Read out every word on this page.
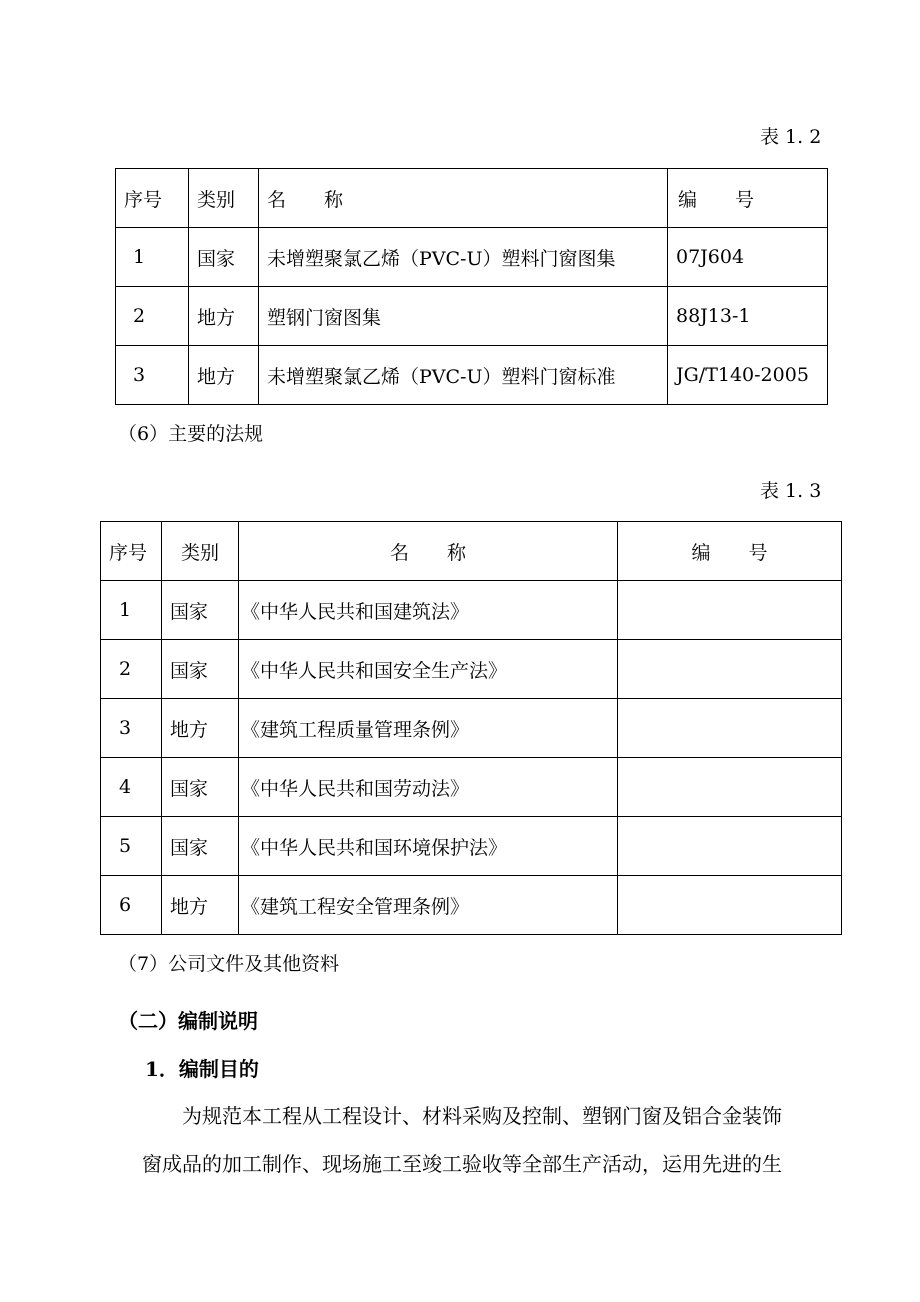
表 1. 2
序号	类别	名　　称	编　　号
1	国家	未增塑聚氯乙烯（PVC-U）塑料门窗图集	07J604
2	地方	塑钢门窗图集	88J13-1
3	地方	未增塑聚氯乙烯（PVC-U）塑料门窗标准	JG/T140-2005
（6）主要的法规
表 1. 3
序号	类别	名　　称	编　　号
1	国家	《中华人民共和国建筑法》	
2	国家	《中华人民共和国安全生产法》	
3	地方	《建筑工程质量管理条例》	
4	国家	《中华人民共和国劳动法》	
5	国家	《中华人民共和国环境保护法》	
6	地方	《建筑工程安全管理条例》	
（7）公司文件及其他资料
（二）编制说明
1．编制目的
为规范本工程从工程设计、材料采购及控制、塑钢门窗及铝合金装饰
窗成品的加工制作、现场施工至竣工验收等全部生产活动，运用先进的生
